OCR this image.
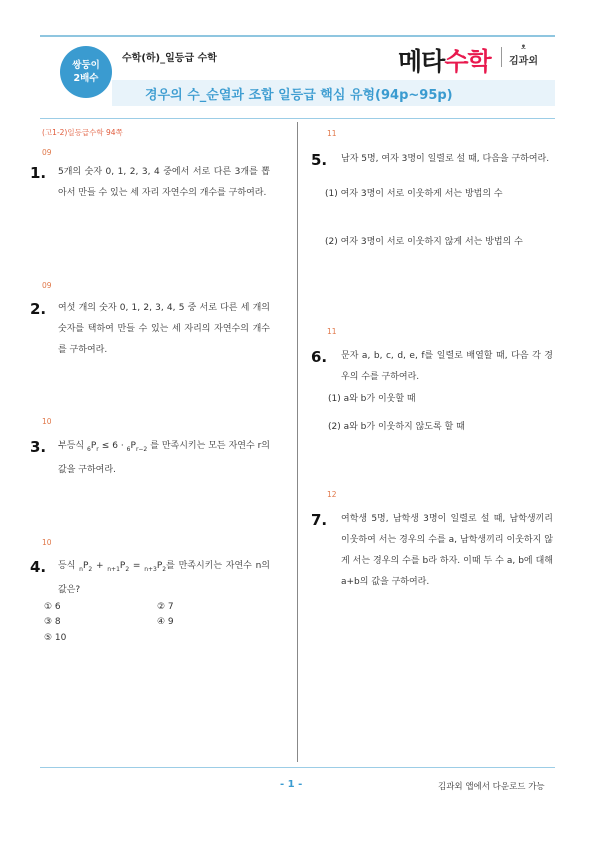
쌍둥이
2배수
수학(하)_일등급 수학	메타수학
ᴥ
김과외
경우의 수_순열과 조합 일등급 핵심 유형(94p~95p)
(고1-2)일등급수학 94쪽
09
1. 5개의 숫자 0, 1, 2, 3, 4 중에서 서로 다른 3개를 뽑아서 만들 수 있는 세 자리 자연수의 개수를 구하여라.
09
2. 여섯 개의 숫자 0, 1, 2, 3, 4, 5 중 서로 다른 세 개의 숫자를 택하여 만들 수 있는 세 자리의 자연수의 개수를 구하여라.
10
3. 부등식 $_6P_r \le 6 \cdot _6P_{r-2}$ 를 만족시키는 모든 자연수 r의 값을 구하여라.
10
4. 등식 $_nP_2 + _{n+1}P_2 = _{n+3}P_2$를 만족시키는 자연수 n의 값은?
① 6	② 7
③ 8	④ 9
⑤ 10
11
5. 남자 5명, 여자 3명이 일렬로 설 때, 다음을 구하여라.
(1) 여자 3명이 서로 이웃하게 서는 방법의 수
(2) 여자 3명이 서로 이웃하지 않게 서는 방법의 수
11
6. 문자 a, b, c, d, e, f를 일렬로 배열할 때, 다음 각 경우의 수를 구하여라.
(1) a와 b가 이웃할 때
(2) a와 b가 이웃하지 않도록 할 때
12
7. 여학생 5명, 남학생 3명이 일렬로 설 때, 남학생끼리 이웃하여 서는 경우의 수를 a, 남학생끼리 이웃하지 않게 서는 경우의 수를 b라 하자. 이때 두 수 a, b에 대해 a+b의 값을 구하여라.
- 1 -	김과외 앱에서 다운로드 가능
